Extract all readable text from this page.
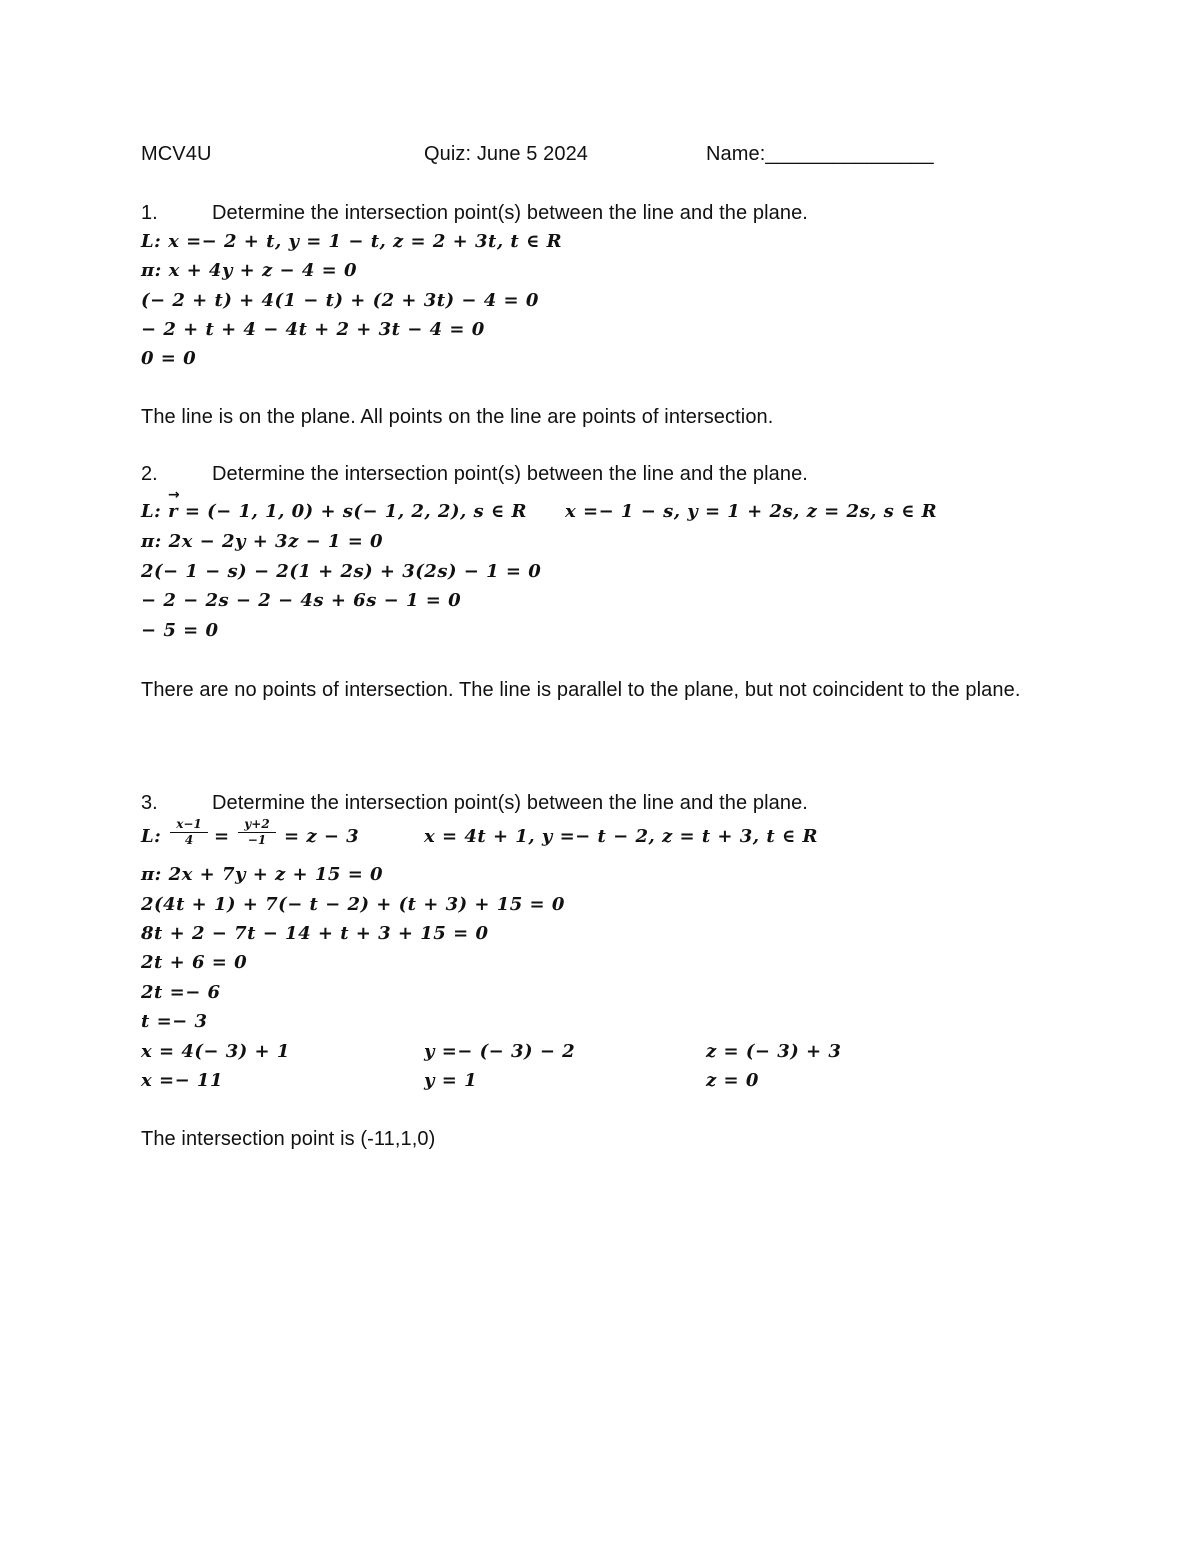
MCV4U	Quiz: June 5 2024	Name:_______________
1.	Determine the intersection point(s) between the line and the plane.
L: x =− 2 + t, y = 1 − t, z = 2 + 3t, t ∈ R
π: x + 4y + z − 4 = 0
(− 2 + t) + 4(1 − t) + (2 + 3t) − 4 = 0
− 2 + t + 4 − 4t + 2 + 3t − 4 = 0
0 = 0
The line is on the plane. All points on the line are points of intersection.
2.	Determine the intersection point(s) between the line and the plane.
→
L: r = (− 1, 1, 0) + s(− 1, 2, 2), s ∈ R x =− 1 − s, y = 1 + 2s, z = 2s, s ∈ R
π: 2x − 2y + 3z − 1 = 0
2(− 1 − s) − 2(1 + 2s) + 3(2s) − 1 = 0
− 2 − 2s − 2 − 4s + 6s − 1 = 0
− 5 = 0
There are no points of intersection. The line is parallel to the plane, but not coincident to the plane.
3.	Determine the intersection point(s) between the line and the plane.
L:
x−1
4	=
y+2
−1 = z − 3	x = 4t + 1, y =− t − 2, z = t + 3, t ∈ R
π: 2x + 7y + z + 15 = 0
2(4t + 1) + 7(− t − 2) + (t + 3) + 15 = 0
8t + 2 − 7t − 14 + t + 3 + 15 = 0
2t + 6 = 0
2t =− 6
t =− 3
x = 4(− 3) + 1	y =− (− 3) − 2	z = (− 3) + 3
x =− 11	y = 1	z = 0
The intersection point is (-11,1,0)
